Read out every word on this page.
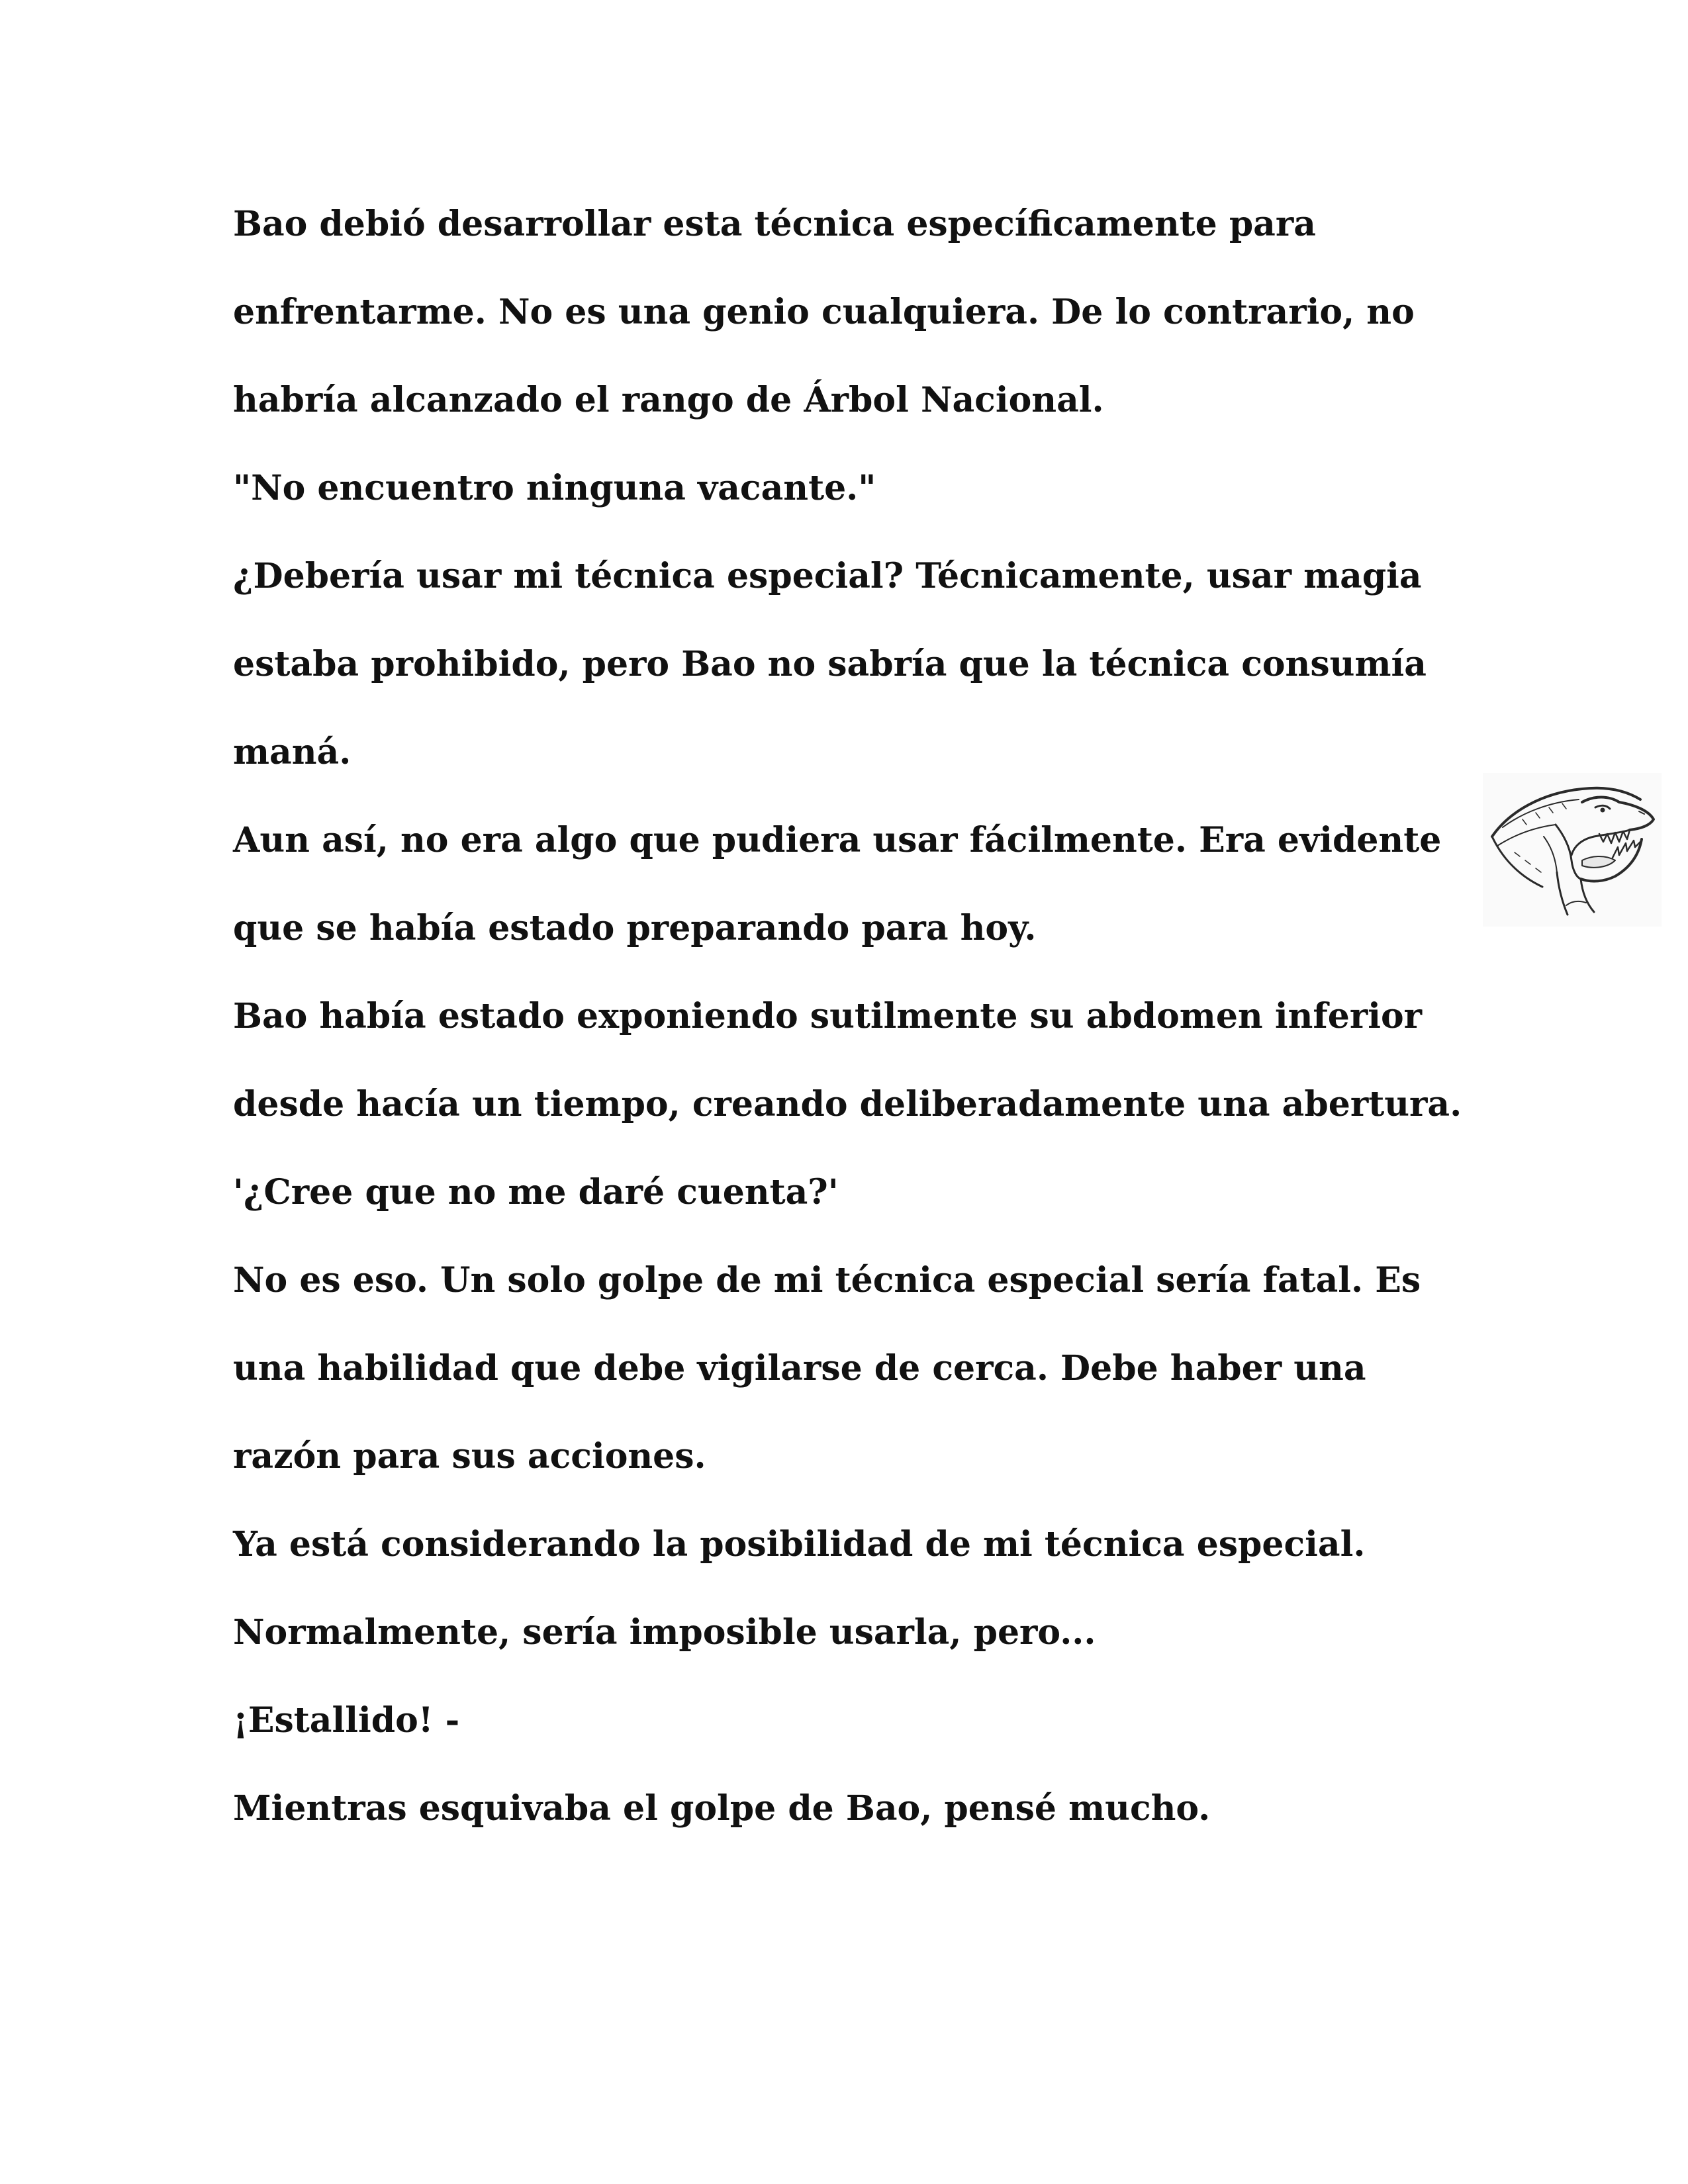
Bao debió desarrollar esta técnica específicamente para enfrentarme. No es una genio cualquiera. De lo contrario, no habría alcanzado el rango de Árbol Nacional.

"No encuentro ninguna vacante."

¿Debería usar mi técnica especial? Técnicamente, usar magia estaba prohibido, pero Bao no sabría que la técnica consumía maná.

Aun así, no era algo que pudiera usar fácilmente. Era evidente que se había estado preparando para hoy.

Bao había estado exponiendo sutilmente su abdomen inferior desde hacía un tiempo, creando deliberadamente una abertura.

'¿Cree que no me daré cuenta?'

No es eso. Un solo golpe de mi técnica especial sería fatal. Es una habilidad que debe vigilarse de cerca. Debe haber una razón para sus acciones.

Ya está considerando la posibilidad de mi técnica especial.

Normalmente, sería imposible usarla, pero...

¡Estallido! -

Mientras esquivaba el golpe de Bao, pensé mucho.
